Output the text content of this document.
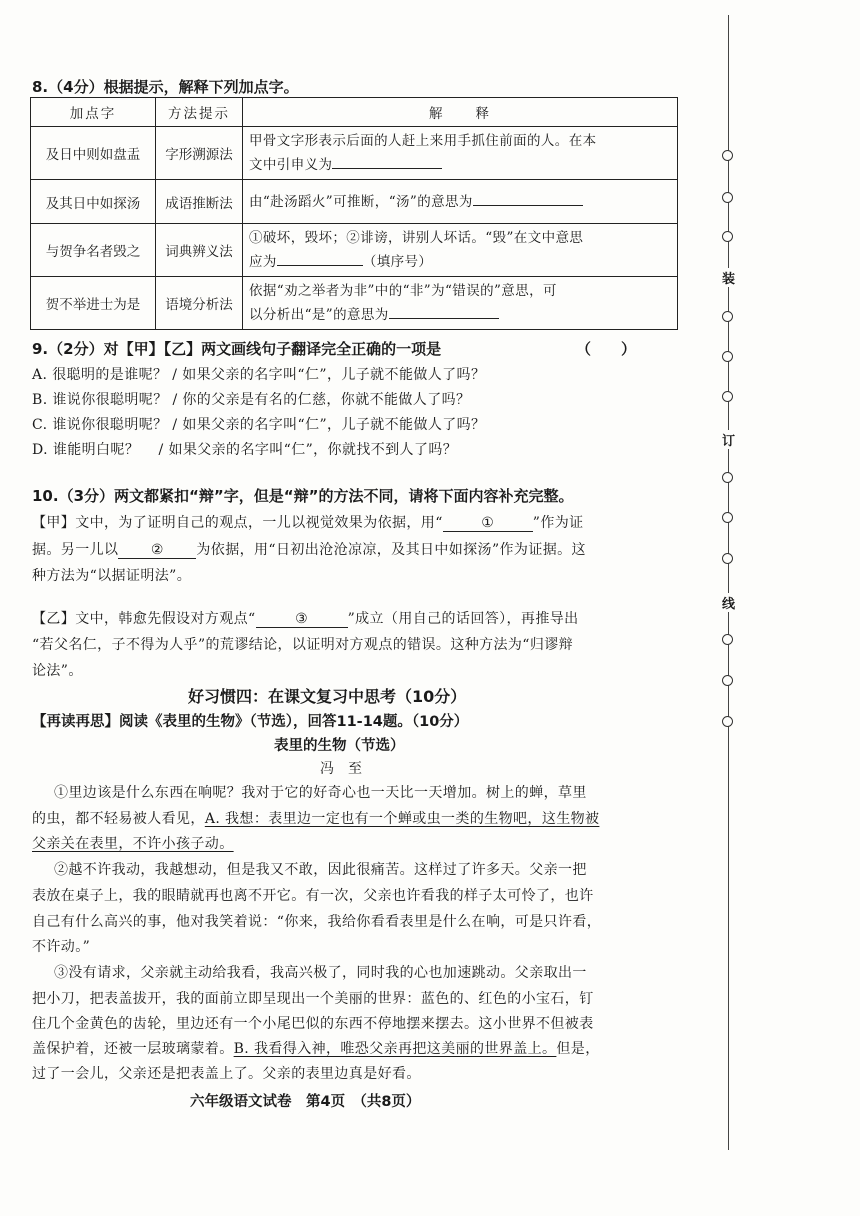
8.（4分）根据提示，解释下列加点字。
加点字	方法提示	解　　释
及日中则如盘盂	字形溯源法	甲骨文字形表示后面的人赶上来用手抓住前面的人。在本
文中引申义为

及其日中如探汤	成语推断法	由“赴汤蹈火”可推断，“汤”的意思为
与贺争名者毁之	词典辨义法	①破坏，毁坏；②诽谤，讲别人坏话。“毁”在文中意思
应为 （填序号）

贺不举进士为是	语境分析法	依据“劝之举者为非”中的“非”为“错误的”意思，可
以分析出“是”的意思为
9.（2分）对【甲】【乙】两文画线句子翻译完全正确的一项是	（　　）
A. 很聪明的是谁呢？ / 如果父亲的名字叫“仁”，儿子就不能做人了吗？
B. 谁说你很聪明呢？ / 你的父亲是有名的仁慈，你就不能做人了吗？
C. 谁说你很聪明呢？ / 如果父亲的名字叫“仁”，儿子就不能做人了吗？
D. 谁能明白呢？　 / 如果父亲的名字叫“仁”，你就找不到人了吗？
10.（3分）两文都紧扣“辩”字，但是“辩”的方法不同，请将下面内容补充完整。
【甲】文中，为了证明自己的观点，一儿以视觉效果为依据，用“	①	”作为证
据。另一儿以 ② 为依据，用“日初出沧沧凉凉，及其日中如探汤”作为证据。这
种方法为“以据证明法”。
【乙】文中，韩愈先假设对方观点“	③	”成立（用自己的话回答），再推导出
“若父名仁，子不得为人乎”的荒谬结论，以证明对方观点的错误。这种方法为“归谬辩
论法”。
好习惯四：在课文复习中思考（10分）
【再读再思】阅读《表里的生物》（节选），回答11-14题。（10分）
表里的生物（节选）
冯　至
①里边该是什么东西在响呢？我对于它的好奇心也一天比一天增加。树上的蝉，草里
的虫，都不轻易被人看见，A. 我想：表里边一定也有一个蝉或虫一类的生物吧，这生物被
父亲关在表里，不许小孩子动。
②越不许我动，我越想动，但是我又不敢，因此很痛苦。这样过了许多天。父亲一把
表放在桌子上，我的眼睛就再也离不开它。有一次，父亲也许看我的样子太可怜了，也许
自己有什么高兴的事，他对我笑着说：“你来，我给你看看表里是什么在响，可是只许看，
不许动。”
③没有请求，父亲就主动给我看，我高兴极了，同时我的心也加速跳动。父亲取出一
把小刀，把表盖拔开，我的面前立即呈现出一个美丽的世界：蓝色的、红色的小宝石，钉
住几个金黄色的齿轮，里边还有一个小尾巴似的东西不停地摆来摆去。这小世界不但被表
盖保护着，还被一层玻璃蒙着。B. 我看得入神，唯恐父亲再把这美丽的世界盖上。但是，
过了一会儿，父亲还是把表盖上了。父亲的表里边真是好看。
六年级语文试卷　第4页　（共8页）
装
订
线
